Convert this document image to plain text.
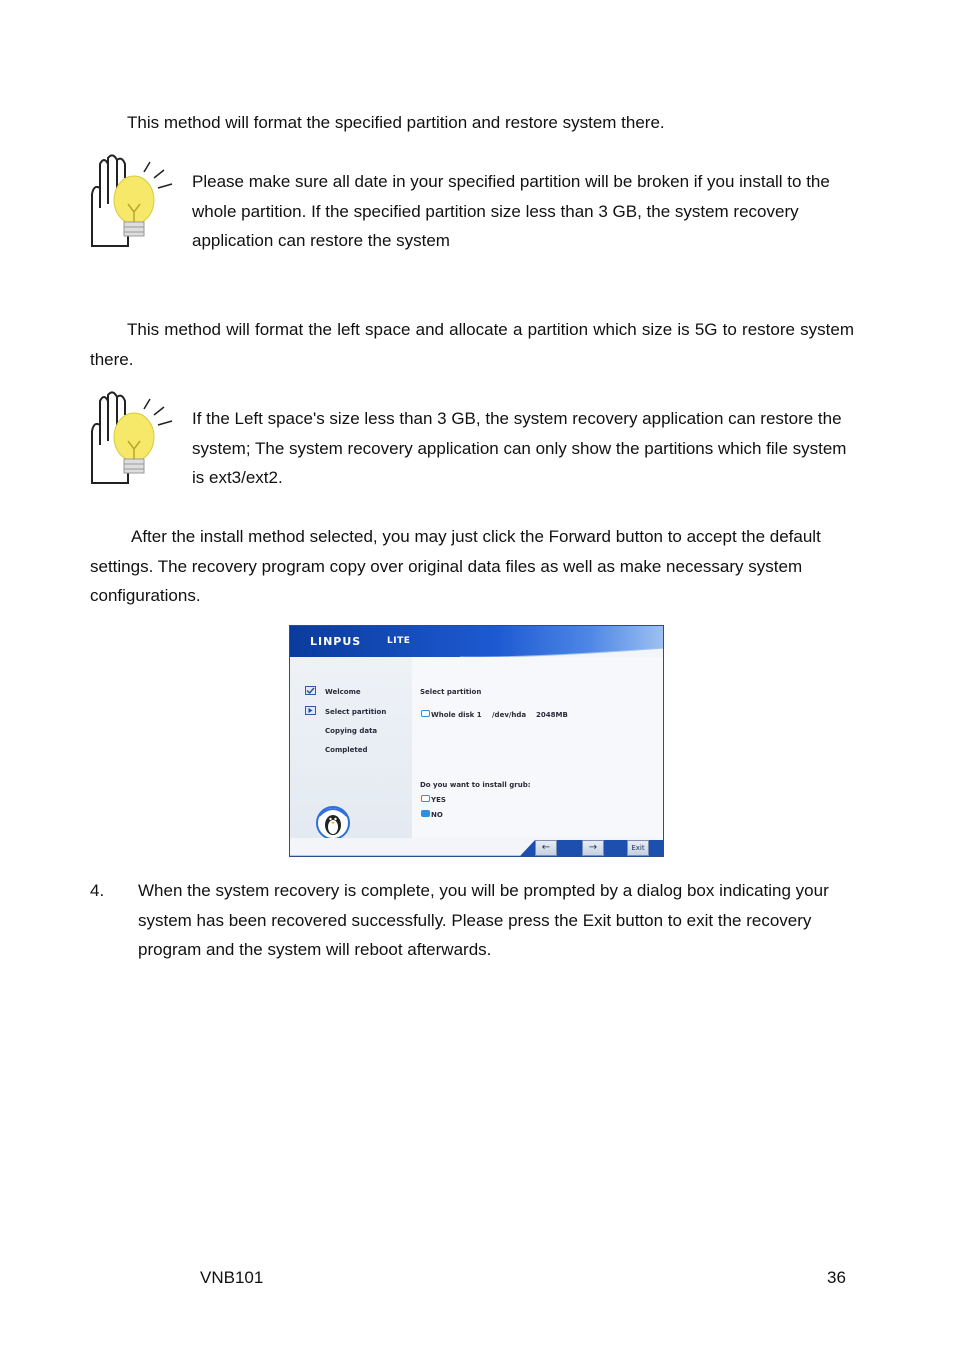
This method will format the specified partition and restore system there.

Please make sure all date in your specified partition will be broken if you install to the whole partition. If the specified partition size less than 3 GB, the system recovery application can restore the system

This method will format the left space and allocate a partition which size is 5G to restore system there.

If the Left space's size less than 3 GB, the system recovery application can restore the system; The system recovery application can only show the partitions which file system is ext3/ext2.

After the install method selected, you may just click the Forward button to accept the default settings. The recovery program copy over original data files as well as make necessary system configurations.

LINPUS	LITE
Welcome
Select partition
Copying data
Completed
Select partition
Whole disk 1 /dev/hda 2048MB
Do you want to install grub:
YES
NO
←	→	Exit
4. When the system recovery is complete, you will be prompted by a dialog box indicating your system has been recovered successfully. Please press the Exit button to exit the recovery program and the system will reboot afterwards.

VNB101	36
